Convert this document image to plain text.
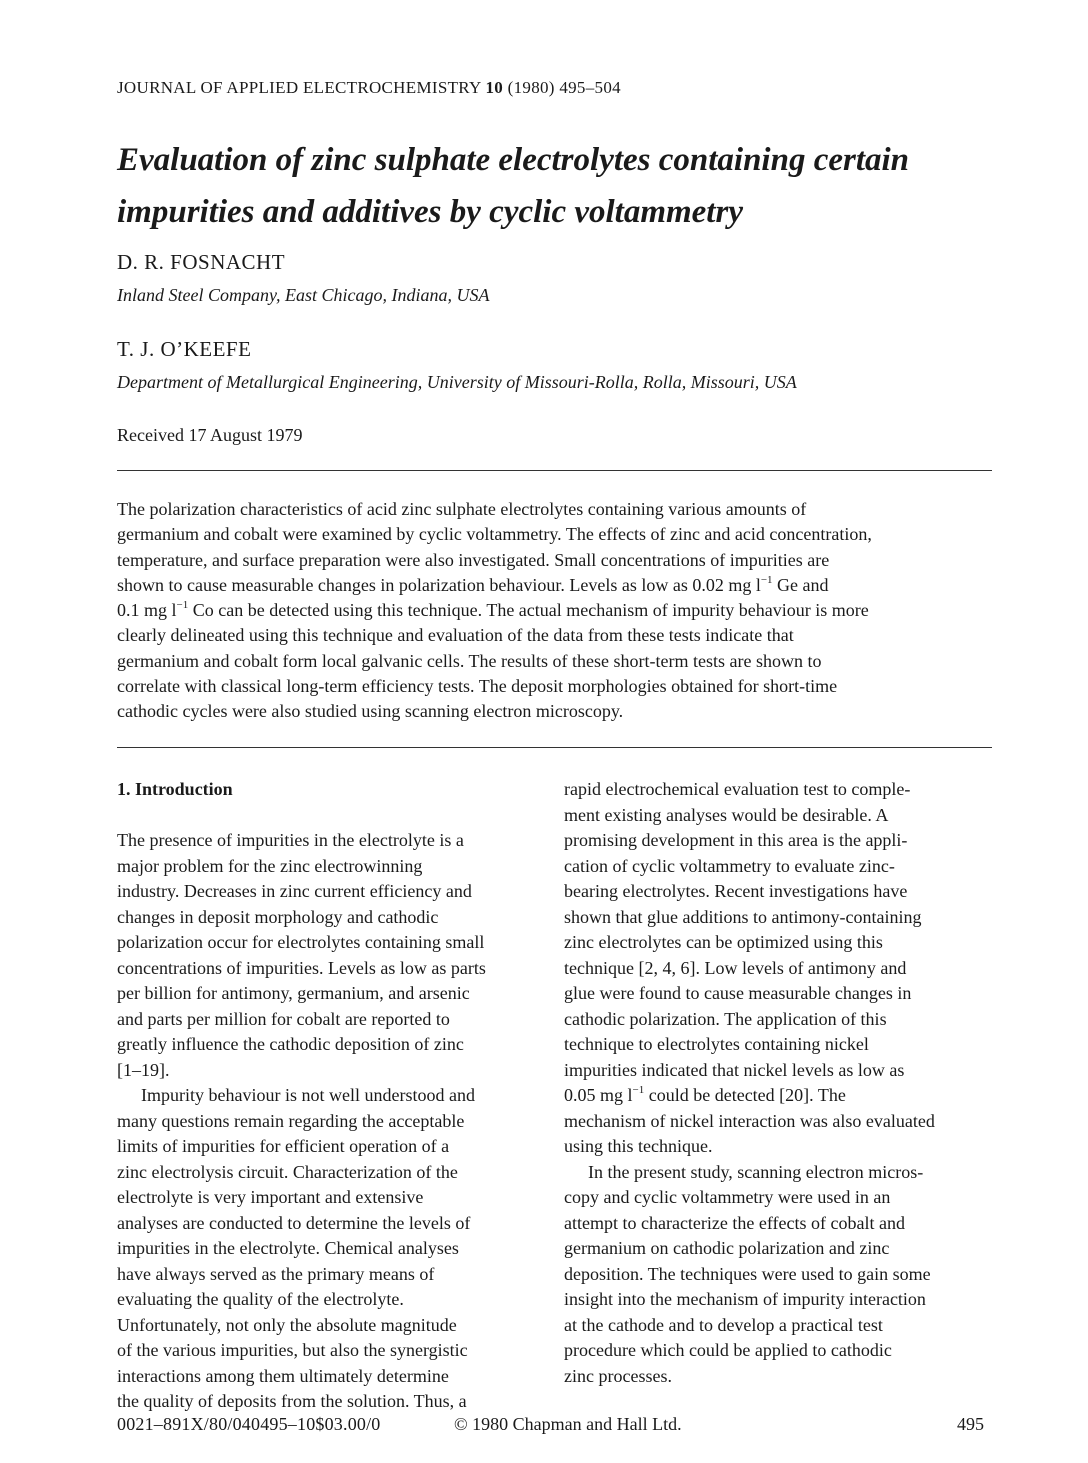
JOURNAL OF APPLIED ELECTROCHEMISTRY 10 (1980) 495–504
Evaluation of zinc sulphate electrolytes containing certain
impurities and additives by cyclic voltammetry
D. R. FOSNACHT
Inland Steel Company, East Chicago, Indiana, USA
T. J. O’KEEFE
Department of Metallurgical Engineering, University of Missouri-Rolla, Rolla, Missouri, USA
Received 17 August 1979

The polarization characteristics of acid zinc sulphate electrolytes containing various amounts of

germanium and cobalt were examined by cyclic voltammetry. The effects of zinc and acid concentration,

temperature, and surface preparation were also investigated. Small concentrations of impurities are

shown to cause measurable changes in polarization behaviour. Levels as low as 0.02 mg $l^{-1}$ Ge and

0.1 mg $l^{-1}$ Co can be detected using this technique. The actual mechanism of impurity behaviour is more

clearly delineated using this technique and evaluation of the data from these tests indicate that

germanium and cobalt form local galvanic cells. The results of these short-term tests are shown to

correlate with classical long-term efficiency tests. The deposit morphologies obtained for short-time

cathodic cycles were also studied using scanning electron microscopy.

1. Introduction

The presence of impurities in the electrolyte is a

major problem for the zinc electrowinning

industry. Decreases in zinc current efficiency and

changes in deposit morphology and cathodic

polarization occur for electrolytes containing small

concentrations of impurities. Levels as low as parts

per billion for antimony, germanium, and arsenic

and parts per million for cobalt are reported to

greatly influence the cathodic deposition of zinc

[1–19].

Impurity behaviour is not well understood and

many questions remain regarding the acceptable

limits of impurities for efficient operation of a

zinc electrolysis circuit. Characterization of the

electrolyte is very important and extensive

analyses are conducted to determine the levels of

impurities in the electrolyte. Chemical analyses

have always served as the primary means of

evaluating the quality of the electrolyte.

Unfortunately, not only the absolute magnitude

of the various impurities, but also the synergistic

interactions among them ultimately determine

the quality of deposits from the solution. Thus, a

rapid electrochemical evaluation test to comple-

ment existing analyses would be desirable. A

promising development in this area is the appli-

cation of cyclic voltammetry to evaluate zinc-

bearing electrolytes. Recent investigations have

shown that glue additions to antimony-containing

zinc electrolytes can be optimized using this

technique [2, 4, 6]. Low levels of antimony and

glue were found to cause measurable changes in

cathodic polarization. The application of this

technique to electrolytes containing nickel

impurities indicated that nickel levels as low as

0.05 mg $l^{-1}$ could be detected [20]. The

mechanism of nickel interaction was also evaluated

using this technique.

In the present study, scanning electron micros-

copy and cyclic voltammetry were used in an

attempt to characterize the effects of cobalt and

germanium on cathodic polarization and zinc

deposition. The techniques were used to gain some

insight into the mechanism of impurity interaction

at the cathode and to develop a practical test

procedure which could be applied to cathodic

zinc processes.

0021–891X/80/040495–10$03.00/0	© 1980 Chapman and Hall Ltd.	495
